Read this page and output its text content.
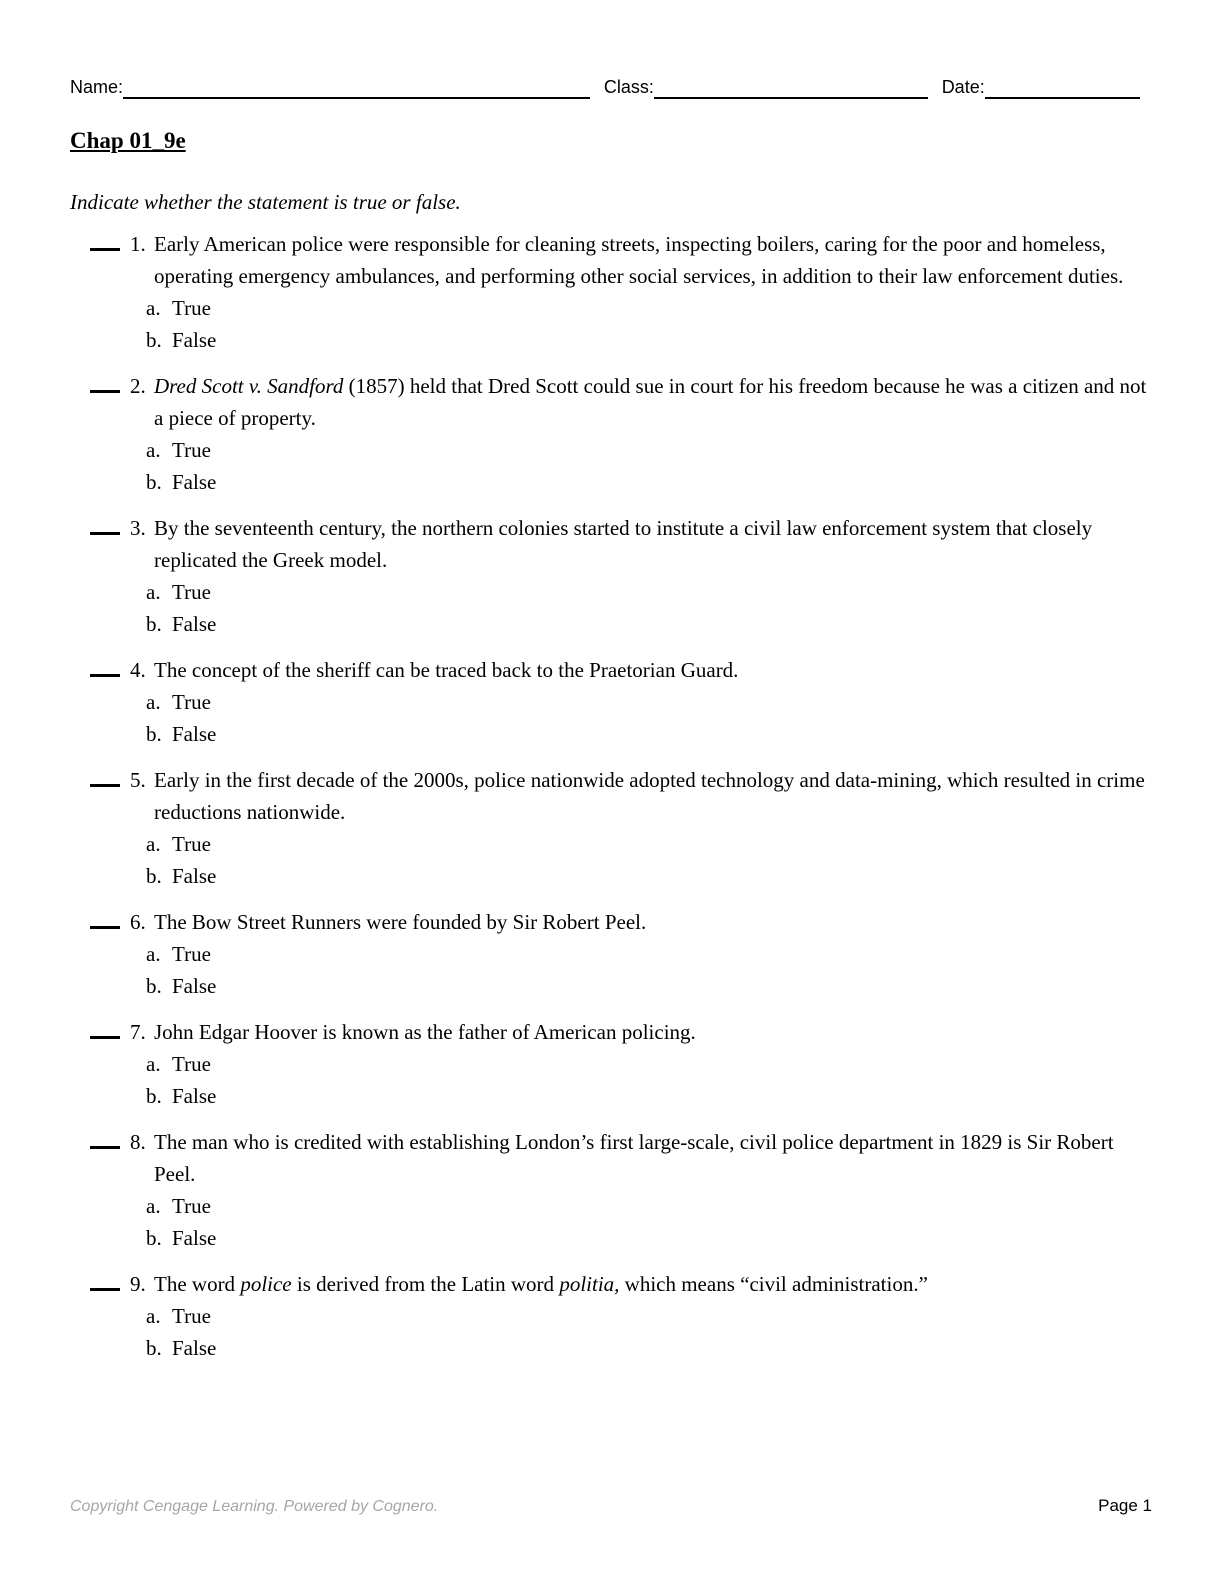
Name:	Class:	Date:
Chap 01_9e
Indicate whether the statement is true or false.
1. Early American police were responsible for cleaning streets, inspecting boilers, caring for the poor and homeless, operating emergency ambulances, and performing other social services, in addition to their law enforcement duties.
a. True
b. False
2. Dred Scott v. Sandford (1857) held that Dred Scott could sue in court for his freedom because he was a citizen and not a piece of property.
a. True
b. False
3. By the seventeenth century, the northern colonies started to institute a civil law enforcement system that closely replicated the Greek model.
a. True
b. False
4. The concept of the sheriff can be traced back to the Praetorian Guard.
a. True
b. False
5. Early in the first decade of the 2000s, police nationwide adopted technology and data-mining, which resulted in crime reductions nationwide.
a. True
b. False
6. The Bow Street Runners were founded by Sir Robert Peel.
a. True
b. False
7. John Edgar Hoover is known as the father of American policing.
a. True
b. False
8. The man who is credited with establishing London’s first large-scale, civil police department in 1829 is Sir Robert Peel.
a. True
b. False
9. The word police is derived from the Latin word politia, which means “civil administration.”
a. True
b. False
Copyright Cengage Learning. Powered by Cognero.	Page 1
